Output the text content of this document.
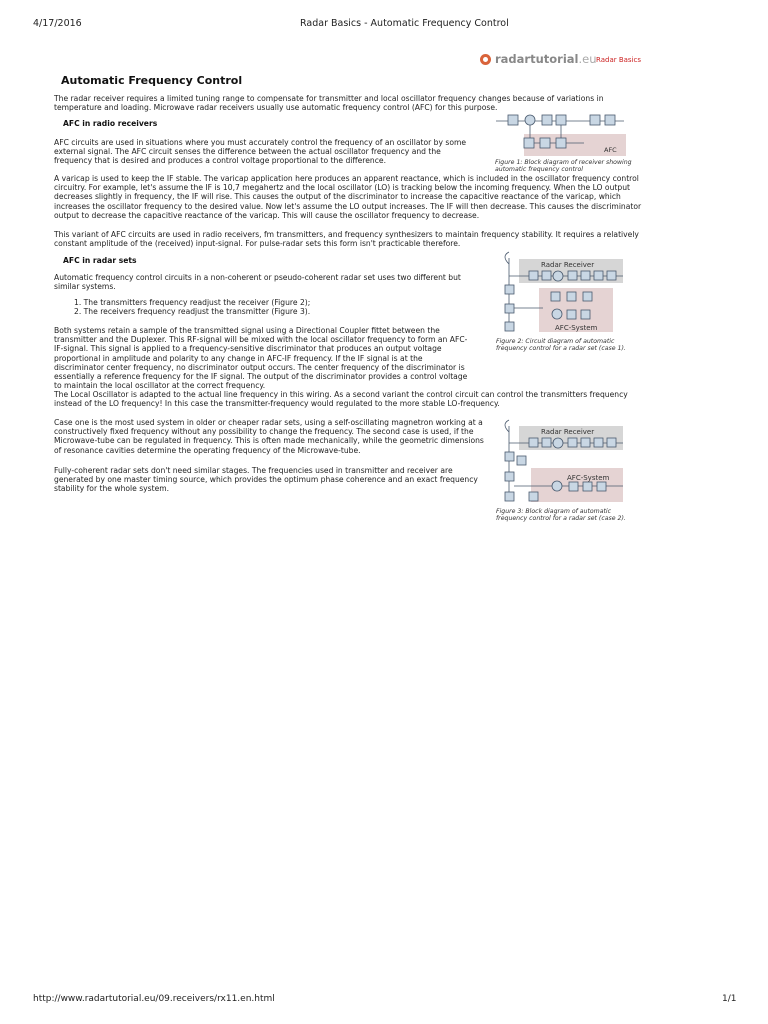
4/17/2016	Radar Basics - Automatic Frequency Control
radartutorial.eu Radar Basics
Automatic Frequency Control

The radar receiver requires a limited tuning range to compensate for transmitter and local oscillator frequency changes because of variations in temperature and loading. Microwave radar receivers usually use automatic frequency control (AFC) for this purpose.

AFC in radio receivers

AFC circuits are used in situations where you must accurately control the frequency of an oscillator by some external signal. The AFC circuit senses the difference between the actual oscillator frequency and the frequency that is desired and produces a control voltage proportional to the difference.

A varicap is used to keep the IF stable. The varicap application here produces an apparent reactance, which is included in the oscillator frequency control circuitry. For example, let's assume the IF is 10,7 megahertz and the local oscillator (LO) is tracking below the incoming frequency. When the LO output decreases slightly in frequency, the IF will rise. This causes the output of the discriminator to increase the capacitive reactance of the varicap, which increases the oscillator frequency to the desired value. Now let's assume the LO output increases. The IF will then decrease. This causes the discriminator output to decrease the capacitive reactance of the varicap. This will cause the oscillator frequency to decrease.

This variant of AFC circuits are used in radio receivers, fm transmitters, and frequency synthesizers to maintain frequency stability. It requires a relatively constant amplitude of the (received) input-signal. For pulse-radar sets this form isn't practicable therefore.

AFC in radar sets

Automatic frequency control circuits in a non-coherent or pseudo-coherent radar set uses two different but similar systems.

1. The transmitters frequency readjust the receiver (Figure 2);
2. The receivers frequency readjust the transmitter (Figure 3).

Both systems retain a sample of the transmitted signal using a Directional Coupler fittet between the transmitter and the Duplexer. This RF-signal will be mixed with the local oscillator frequency to form an AFC-IF-signal. This signal is applied to a frequency-sensitive discriminator that produces an output voltage proportional in amplitude and polarity to any change in AFC-IF frequency. If the IF signal is at the discriminator center frequency, no discriminator output occurs. The center frequency of the discriminator is essentially a reference frequency for the IF signal. The output of the discriminator provides a control voltage to maintain the local oscillator at the correct frequency.

The Local Oscillator is adapted to the actual line frequency in this wiring. As a second variant the control circuit can control the transmitters frequency instead of the LO frequency! In this case the transmitter-frequency would regulated to the more stable LO-frequency.

Case one is the most used system in older or cheaper radar sets, using a self-oscillating magnetron working at a constructively fixed frequency without any possibility to change the frequency. The second case is used, if the Microwave-tube can be regulated in frequency. This is often made mechanically, while the geometric dimensions of resonance cavities determine the operating frequency of the Microwave-tube.

Fully-coherent radar sets don't need similar stages. The frequencies used in transmitter and receiver are generated by one master timing source, which provides the optimum phase coherence and an exact frequency stability for the whole system.

AFC
Figure 1: Block diagram of receiver showing automatic frequency control
Radar Receiver
AFC-System
Figure 2: Circuit diagram of automatic frequency control for a radar set (case 1).
Radar Receiver
AFC-System
Figure 3: Block diagram of automatic frequency control for a radar set (case 2).
http://www.radartutorial.eu/09.receivers/rx11.en.html	1/1
